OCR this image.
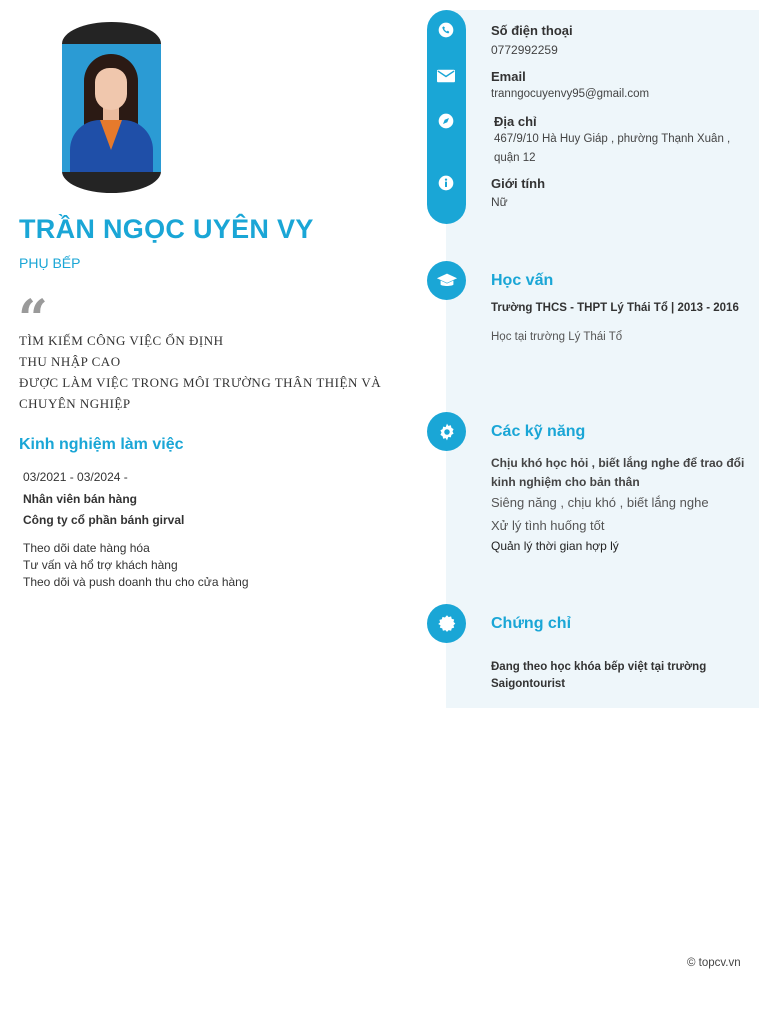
TRẦN NGỌC UYÊN VY
PHỤ BẾP
“
TÌM KIẾM CÔNG VIỆC ỔN ĐỊNH
THU NHẬP CAO
ĐƯỢC LÀM VIỆC TRONG MÔI TRƯỜNG THÂN THIỆN VÀ CHUYÊN NGHIỆP
Kinh nghiệm làm việc
03/2021 - 03/2024 -
Nhân viên bán hàng
Công ty cổ phần bánh girval
Theo dõi date hàng hóa
Tư vấn và hổ trợ khách hàng
Theo dõi và push doanh thu cho cửa hàng
Số điện thoại
0772992259
Email
tranngocuyenvy95@gmail.com
Địa chỉ
467/9/10 Hà Huy Giáp , phường Thạnh Xuân , quận 12
Giới tính
Nữ
Học vấn
Trường THCS - THPT Lý Thái Tổ | 2013 - 2016
Học tại trường Lý Thái Tổ
Các kỹ năng
Chịu khó học hỏi , biết lắng nghe để trao đổi kinh nghiệm cho bản thân
Siêng năng , chịu khó , biết lắng nghe
Xử lý tình huống tốt
Quản lý thời gian hợp lý
Chứng chỉ
Đang theo học khóa bếp việt tại trường Saigontourist
© topcv.vn
